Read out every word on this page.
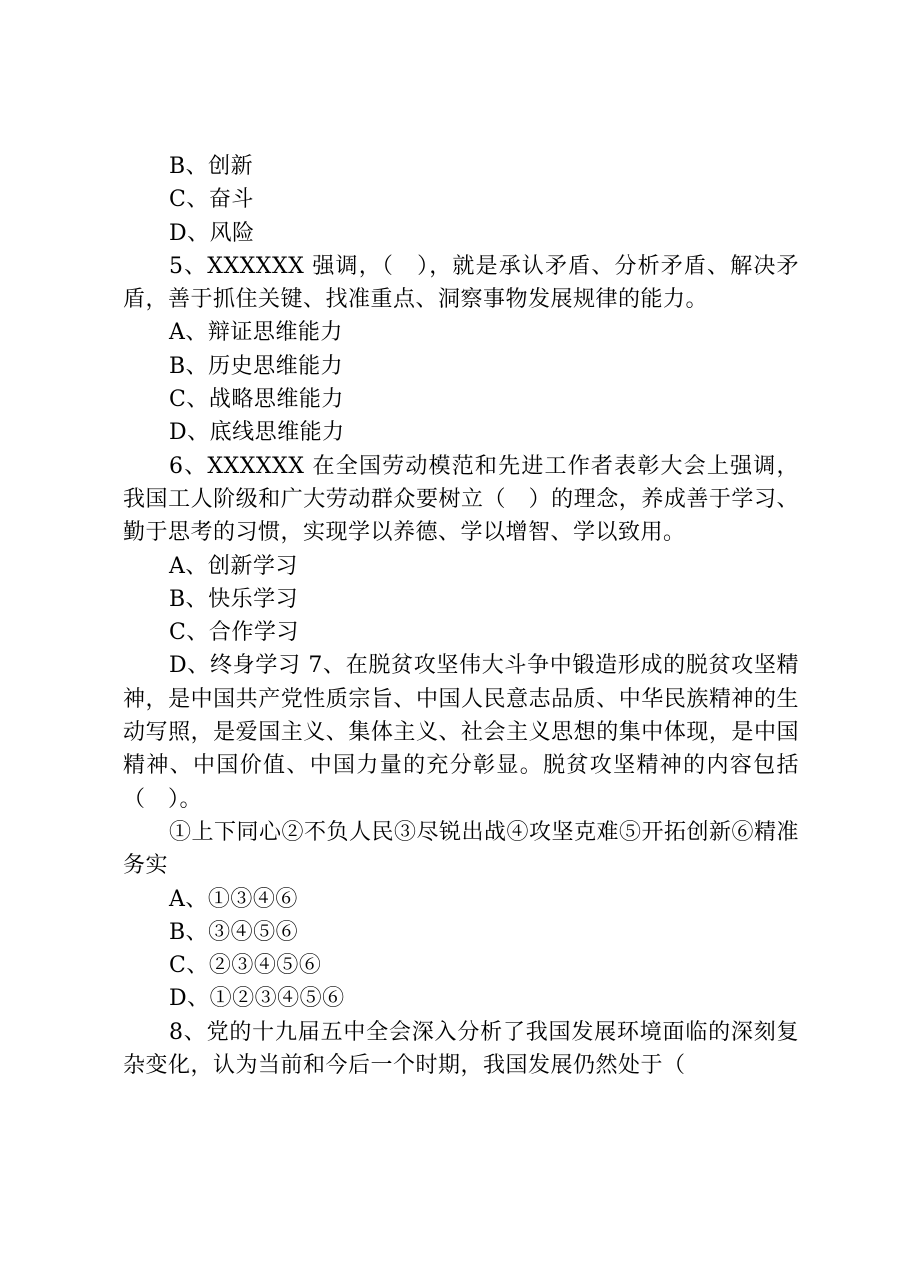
B、创新

C、奋斗

D、风险

5、XXXXXX 强调，（　），就是承认矛盾、分析矛盾、解决矛盾，善于抓住关键、找准重点、洞察事物发展规律的能力。

A、辩证思维能力

B、历史思维能力

C、战略思维能力

D、底线思维能力

6、XXXXXX 在全国劳动模范和先进工作者表彰大会上强调，我国工人阶级和广大劳动群众要树立（　）的理念，养成善于学习、勤于思考的习惯，实现学以养德、学以增智、学以致用。

A、创新学习

B、快乐学习

C、合作学习

D、终身学习 7、在脱贫攻坚伟大斗争中锻造形成的脱贫攻坚精神，是中国共产党性质宗旨、中国人民意志品质、中华民族精神的生动写照，是爱国主义、集体主义、社会主义思想的集中体现，是中国精神、中国价值、中国力量的充分彰显。脱贫攻坚精神的内容包括（　）。

①上下同心②不负人民③尽锐出战④攻坚克难⑤开拓创新⑥精准务实

A、①③④⑥

B、③④⑤⑥

C、②③④⑤⑥

D、①②③④⑤⑥

8、党的十九届五中全会深入分析了我国发展环境面临的深刻复杂变化，认为当前和今后一个时期，我国发展仍然处于（
